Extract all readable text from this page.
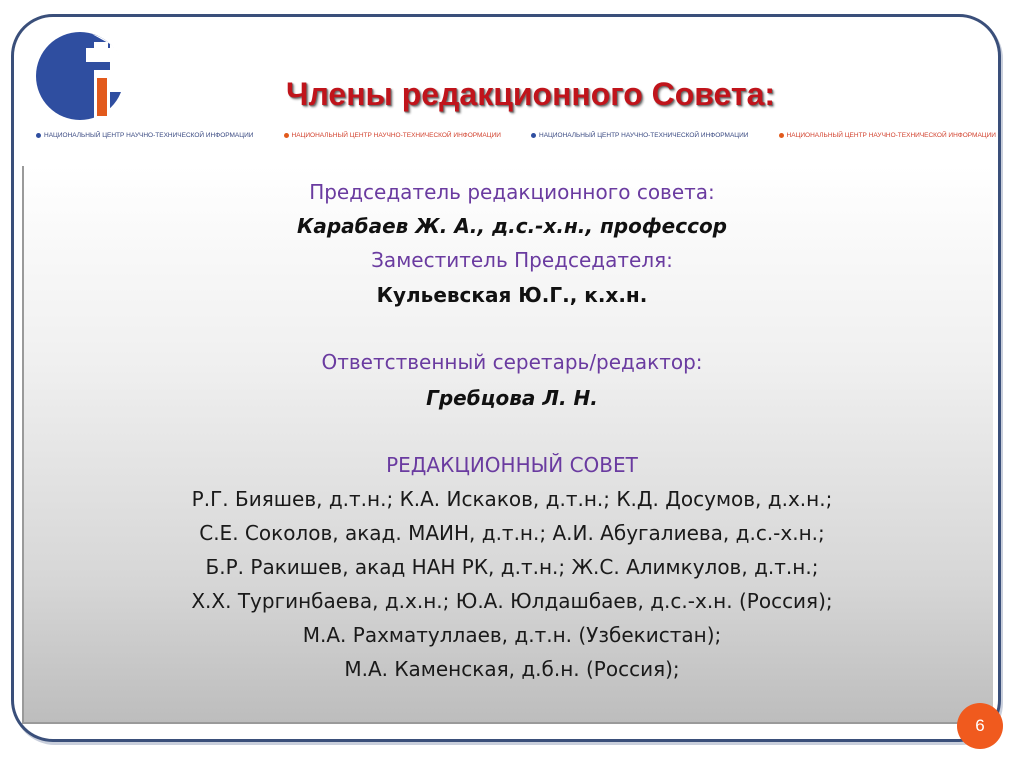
Члены редакционного Совета:
НАЦИОНАЛЬНЫЙ ЦЕНТР НАУЧНО-ТЕХНИЧЕСКОЙ ИНФОРМАЦИИ	НАЦИОНАЛЬНЫЙ ЦЕНТР НАУЧНО-ТЕХНИЧЕСКОЙ ИНФОРМАЦИИ	НАЦИОНАЛЬНЫЙ ЦЕНТР НАУЧНО-ТЕХНИЧЕСКОЙ ИНФОРМАЦИИ	НАЦИОНАЛЬНЫЙ ЦЕНТР НАУЧНО-ТЕХНИЧЕСКОЙ ИНФОРМАЦИИ
Председатель редакционного совета:
Карабаев Ж. А., д.с.-х.н., профессор
Заместитель Председателя:
Кульевская Ю.Г., к.х.н.
Ответственный серетарь/редактор:
Гребцова Л. Н.
РЕДАКЦИОННЫЙ СОВЕТ
Р.Г. Бияшев, д.т.н.; К.А. Искаков, д.т.н.; К.Д. Досумов, д.х.н.;
С.Е. Соколов, акад. МАИН, д.т.н.; А.И. Абугалиева, д.с.-х.н.;
Б.Р. Ракишев, акад НАН РК, д.т.н.; Ж.С. Алимкулов, д.т.н.;
Х.Х. Тургинбаева, д.х.н.; Ю.А. Юлдашбаев, д.с.-х.н. (Россия);
М.А. Рахматуллаев, д.т.н. (Узбекистан);
М.А. Каменская, д.б.н. (Россия);
6
